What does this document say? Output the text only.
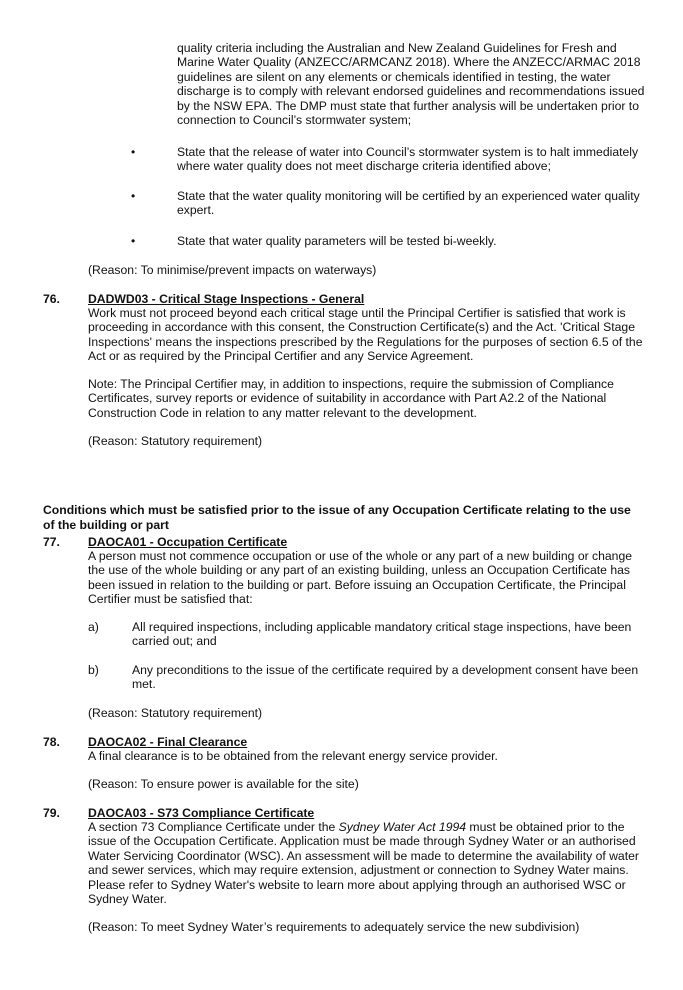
quality criteria including the Australian and New Zealand Guidelines for Fresh and Marine Water Quality (ANZECC/ARMCANZ 2018). Where the ANZECC/ARMAC 2018 guidelines are silent on any elements or chemicals identified in testing, the water discharge is to comply with relevant endorsed guidelines and recommendations issued by the NSW EPA. The DMP must state that further analysis will be undertaken prior to connection to Council’s stormwater system;

•	State that the release of water into Council’s stormwater system is to halt immediately where water quality does not meet discharge criteria identified above;

•	State that the water quality monitoring will be certified by an experienced water quality expert.

•	State that water quality parameters will be tested bi-weekly.

(Reason: To minimise/prevent impacts on waterways)

76. DADWD03 - Critical Stage Inspections - General

Work must not proceed beyond each critical stage until the Principal Certifier is satisfied that work is proceeding in accordance with this consent, the Construction Certificate(s) and the Act. 'Critical Stage Inspections' means the inspections prescribed by the Regulations for the purposes of section 6.5 of the Act or as required by the Principal Certifier and any Service Agreement.

Note: The Principal Certifier may, in addition to inspections, require the submission of Compliance Certificates, survey reports or evidence of suitability in accordance with Part A2.2 of the National Construction Code in relation to any matter relevant to the development.

(Reason: Statutory requirement)

Conditions which must be satisfied prior to the issue of any Occupation Certificate relating to the use of the building or part

77. DAOCA01 - Occupation Certificate

A person must not commence occupation or use of the whole or any part of a new building or change the use of the whole building or any part of an existing building, unless an Occupation Certificate has been issued in relation to the building or part. Before issuing an Occupation Certificate, the Principal Certifier must be satisfied that:

a)	All required inspections, including applicable mandatory critical stage inspections, have been carried out; and

b)	Any preconditions to the issue of the certificate required by a development consent have been met.

(Reason: Statutory requirement)

78. DAOCA02 - Final Clearance

A final clearance is to be obtained from the relevant energy service provider.

(Reason: To ensure power is available for the site)

79. DAOCA03 - S73 Compliance Certificate

A section 73 Compliance Certificate under the Sydney Water Act 1994 must be obtained prior to the issue of the Occupation Certificate. Application must be made through Sydney Water or an authorised Water Servicing Coordinator (WSC). An assessment will be made to determine the availability of water and sewer services, which may require extension, adjustment or connection to Sydney Water mains. Please refer to Sydney Water's website to learn more about applying through an authorised WSC or Sydney Water.

(Reason: To meet Sydney Water’s requirements to adequately service the new subdivision)
